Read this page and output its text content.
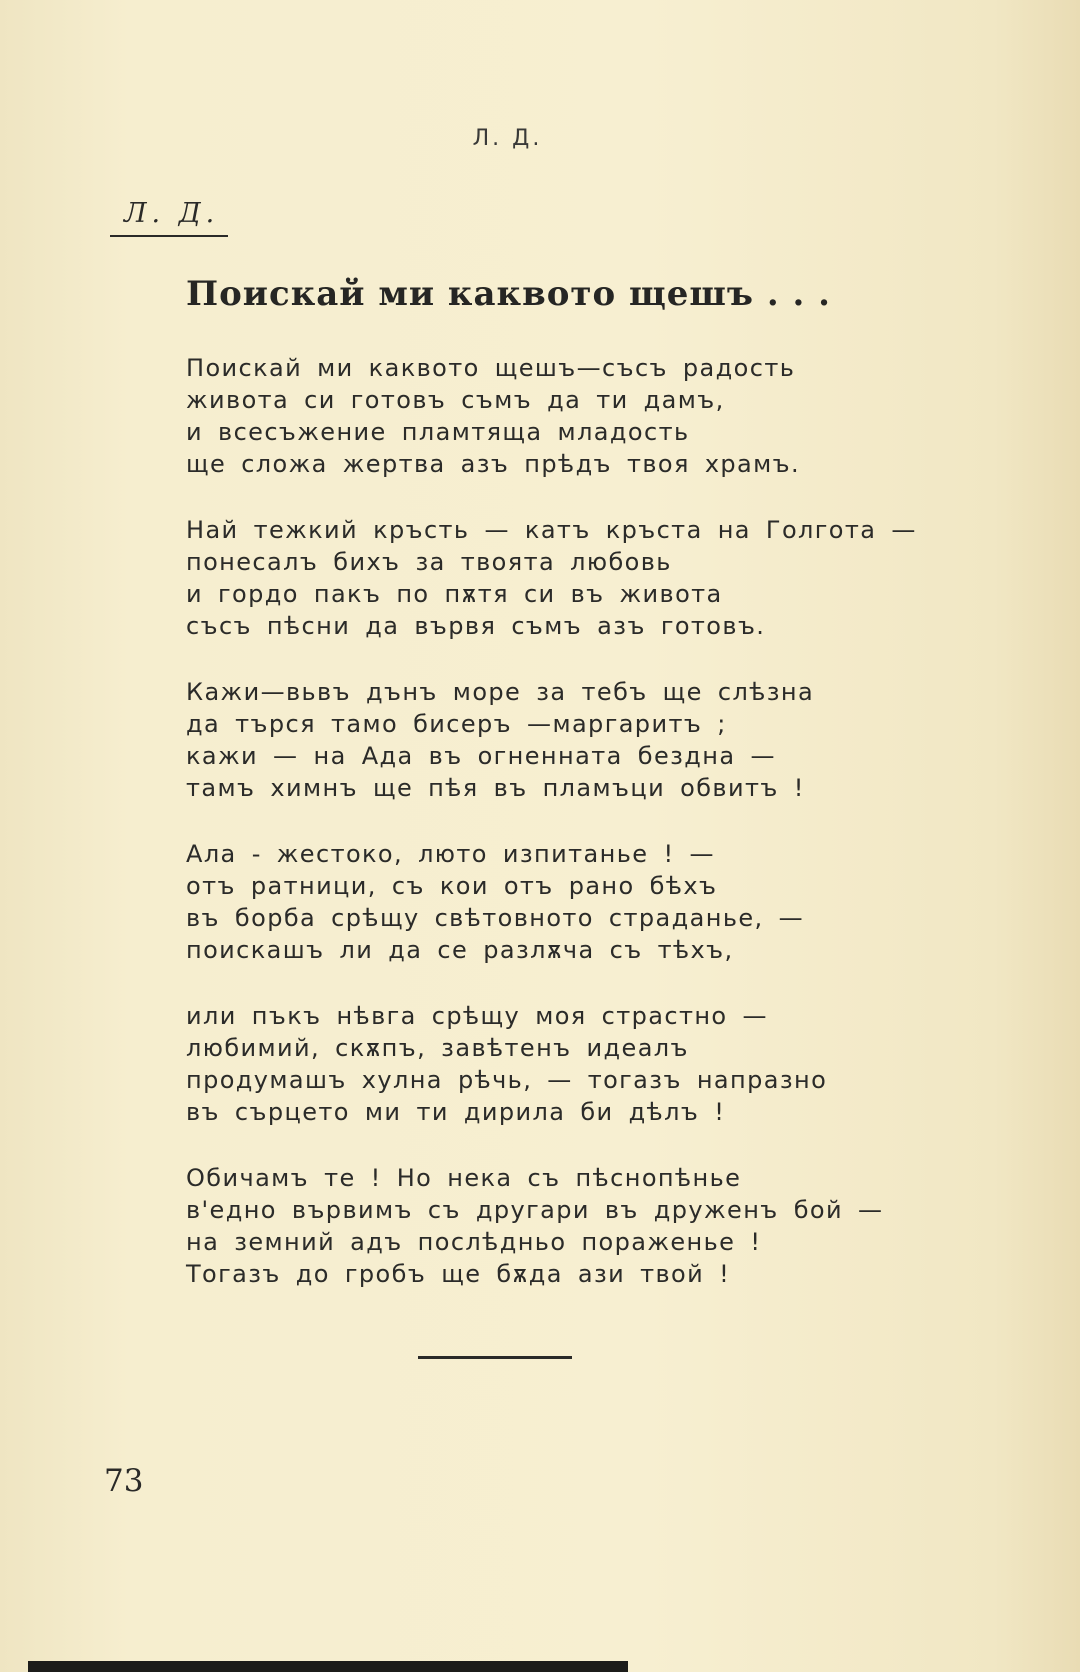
Л. Д.
Л. Д.
Поискай ми каквото щешъ . . .
Поискай ми каквото щешъ—съсъ радость
живота си готовъ съмъ да ти дамъ,
и всесъжение пламтяща младость
ще сложа жертва азъ прѣдъ твоя храмъ.
Най тежкий кръсть — катъ кръста на Голгота —
понесалъ бихъ за твоята любовь
и гордо пакъ по пѫтя си въ живота
съсъ пѣсни да вървя съмъ азъ готовъ.
Кажи—вьвъ дънъ море за тебъ ще слѣзна
да търся тамо бисеръ —маргаритъ ;
кажи — на Ада въ огненната бездна —
тамъ химнъ ще пѣя въ пламъци обвитъ !
Ала - жестоко, люто изпитанье ! —
отъ ратници, съ кои отъ рано бѣхъ
въ борба срѣщу свѣтовното страданье, —
поискашъ ли да се разлѫча съ тѣхъ,
или пъкъ нѣвга срѣщу моя страстно —
любимий, скѫпъ, завѣтенъ идеалъ
продумашъ хулна рѣчь, — тогазъ напразно
въ сърцето ми ти дирила би дѣлъ !
Обичамъ те ! Но нека съ пѣснопѣнье
в'едно вървимъ съ другари въ друженъ бой —
на земний адъ послѣдньо пораженье !
Тогазъ до гробъ ще бѫда ази твой !
73
